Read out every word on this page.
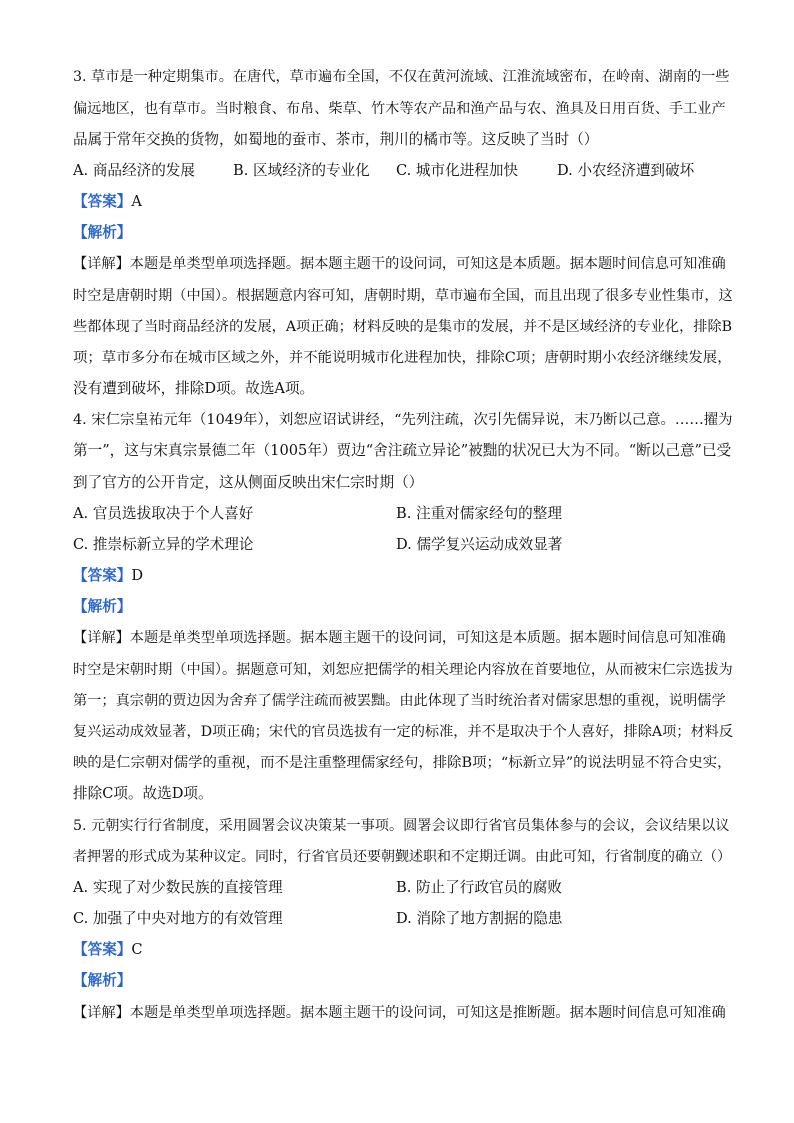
3. 草市是一种定期集市。在唐代，草市遍布全国，不仅在黄河流域、江淮流域密布，在岭南、湖南的一些
偏远地区，也有草市。当时粮食、布帛、柴草、竹木等农产品和渔产品与农、渔具及日用百货、手工业产
品属于常年交换的货物，如蜀地的蚕市、茶市，荆川的橘市等。这反映了当时（）
A. 商品经济的发展	B. 区域经济的专业化 C. 城市化进程加快	D. 小农经济遭到破坏
【答案】A
【解析】
【详解】本题是单类型单项选择题。据本题主题干的设问词，可知这是本质题。据本题时间信息可知准确
时空是唐朝时期（中国）。根据题意内容可知，唐朝时期，草市遍布全国，而且出现了很多专业性集市，这
些都体现了当时商品经济的发展，A项正确；材料反映的是集市的发展，并不是区域经济的专业化，排除B
项；草市多分布在城市区域之外，并不能说明城市化进程加快，排除C项；唐朝时期小农经济继续发展，
没有遭到破坏，排除D项。故选A项。
4. 宋仁宗皇祐元年（1049年），刘恕应诏试讲经，“先列注疏，次引先儒异说，末乃断以己意。……擢为
第一”，这与宋真宗景德二年（1005年）贾边“舍注疏立异论”被黜的状况已大为不同。“断以己意”已受
到了官方的公开肯定，这从侧面反映出宋仁宗时期（）
A. 官员选拔取决于个人喜好	B. 注重对儒家经句的整理
C. 推崇标新立异的学术理论	D. 儒学复兴运动成效显著
【答案】D
【解析】
【详解】本题是单类型单项选择题。据本题主题干的设问词，可知这是本质题。据本题时间信息可知准确
时空是宋朝时期（中国）。据题意可知，刘恕应把儒学的相关理论内容放在首要地位，从而被宋仁宗选拔为
第一；真宗朝的贾边因为舍弃了儒学注疏而被罢黜。由此体现了当时统治者对儒家思想的重视，说明儒学
复兴运动成效显著，D项正确；宋代的官员选拔有一定的标准，并不是取决于个人喜好，排除A项；材料反
映的是仁宗朝对儒学的重视，而不是注重整理儒家经句，排除B项；“标新立异”的说法明显不符合史实，
排除C项。故选D项。
5. 元朝实行行省制度，采用圆署会议决策某一事项。圆署会议即行省官员集体参与的会议，会议结果以议
者押署的形式成为某种议定。同时，行省官员还要朝觐述职和不定期迁调。由此可知，行省制度的确立（）
A. 实现了对少数民族的直接管理	B. 防止了行政官员的腐败
C. 加强了中央对地方的有效管理	D. 消除了地方割据的隐患
【答案】C
【解析】
【详解】本题是单类型单项选择题。据本题主题干的设问词，可知这是推断题。据本题时间信息可知准确
